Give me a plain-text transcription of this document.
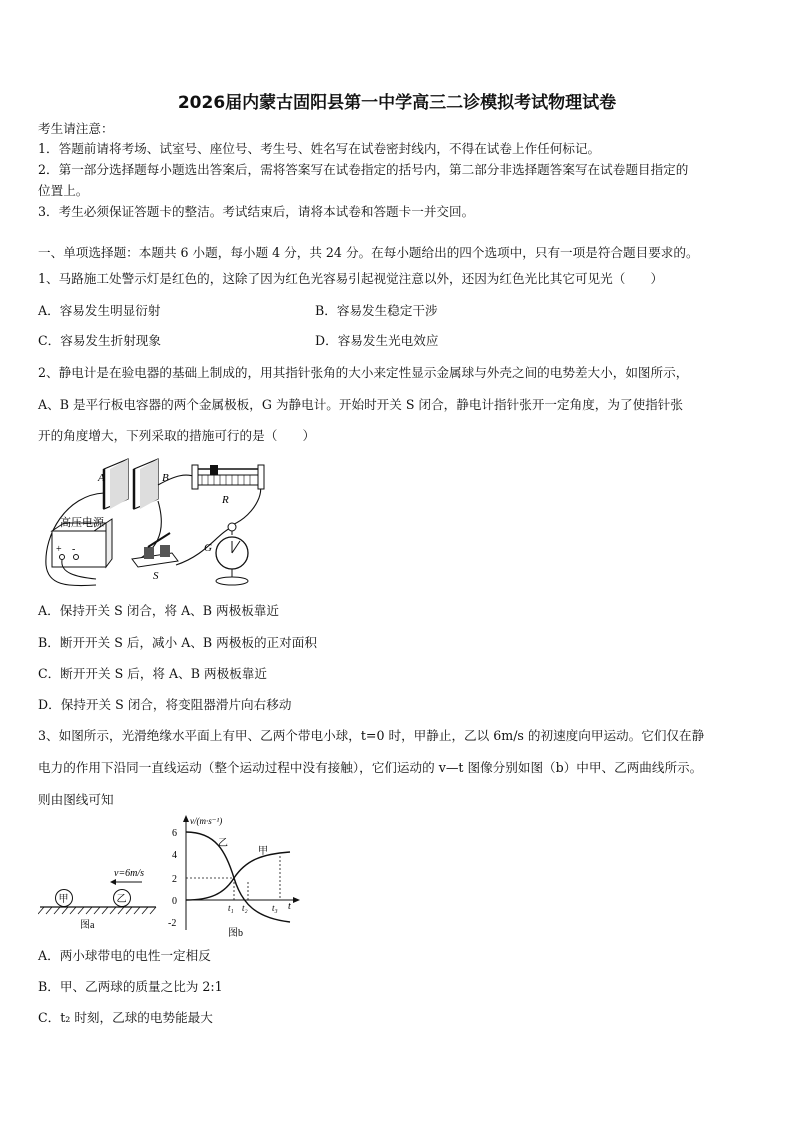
2026届内蒙古固阳县第一中学高三二诊模拟考试物理试卷
考生请注意：
1．答题前请将考场、试室号、座位号、考生号、姓名写在试卷密封线内，不得在试卷上作任何标记。
2．第一部分选择题每小题选出答案后，需将答案写在试卷指定的括号内，第二部分非选择题答案写在试卷题目指定的
位置上。
3．考生必须保证答题卡的整洁。考试结束后，请将本试卷和答题卡一并交回。
一、单项选择题：本题共 6 小题，每小题 4 分，共 24 分。在每小题给出的四个选项中，只有一项是符合题目要求的。
1、马路施工处警示灯是红色的，这除了因为红色光容易引起视觉注意以外，还因为红色光比其它可见光（　　）
A．容易发生明显衍射	B．容易发生稳定干涉
C．容易发生折射现象	D．容易发生光电效应
2、静电计是在验电器的基础上制成的，用其指针张角的大小来定性显示金属球与外壳之间的电势差大小，如图所示，
A、B 是平行板电容器的两个金属极板，G 为静电计。开始时开关 S 闭合，静电计指针张开一定角度，为了使指针张
开的角度增大，下列采取的措施可行的是（　　）
A	B
R
高压电源
+ -
S
G
A．保持开关 S 闭合，将 A、B 两极板靠近
B．断开开关 S 后，减小 A、B 两极板的正对面积
C．断开开关 S 后，将 A、B 两极板靠近
D．保持开关 S 闭合，将变阻器滑片向右移动
3、如图所示，光滑绝缘水平面上有甲、乙两个带电小球，t=0 时，甲静止，乙以 6m/s 的初速度向甲运动。它们仅在静
电力的作用下沿同一直线运动（整个运动过程中没有接触），它们运动的 v—t 图像分别如图（b）中甲、乙两曲线所示。
则由图线可知
甲	乙
v=6m/s
图a
v/(m·s⁻¹)
t
6
4
2
0
-2
乙
甲
t₁ t₂	t₃
图b
A．两小球带电的电性一定相反
B．甲、乙两球的质量之比为 2:1
C．t₂ 时刻，乙球的电势能最大
